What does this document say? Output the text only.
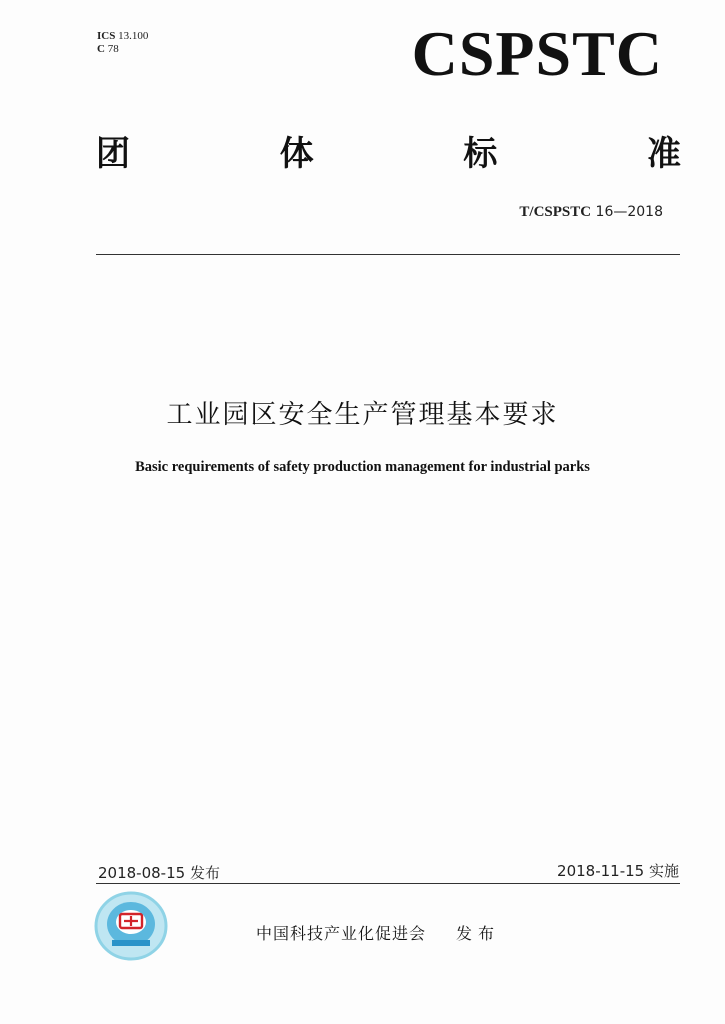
ICS 13.100
C 78	CSPSTC
团	体	标	准
T/CSPSTC 16—2018
工业园区安全生产管理基本要求
Basic requirements of safety production management for industrial parks
2018-08-15 发布	2018-11-15 实施
中国科技产业化促进会 发布
